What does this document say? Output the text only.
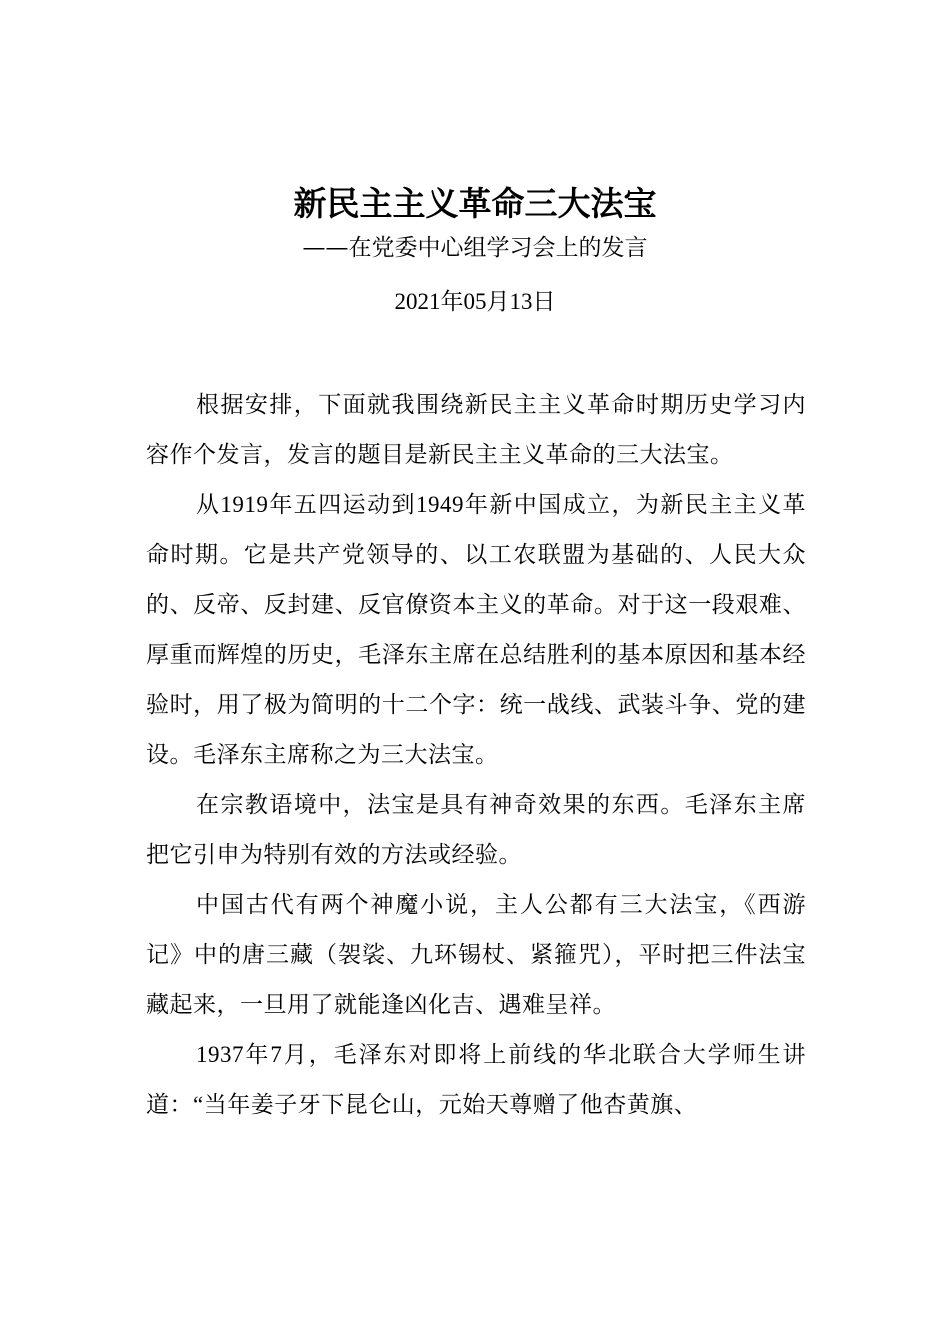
新民主主义革命三大法宝
——在党委中心组学习会上的发言
2021年05月13日

根据安排，下面就我围绕新民主主义革命时期历史学习内容作个发言，发言的题目是新民主主义革命的三大法宝。

从1919年五四运动到1949年新中国成立，为新民主主义革命时期。它是共产党领导的、以工农联盟为基础的、人民大众的、反帝、反封建、反官僚资本主义的革命。对于这一段艰难、厚重而辉煌的历史，毛泽东主席在总结胜利的基本原因和基本经验时，用了极为简明的十二个字：统一战线、武装斗争、党的建设。毛泽东主席称之为三大法宝。

在宗教语境中，法宝是具有神奇效果的东西。毛泽东主席把它引申为特别有效的方法或经验。

中国古代有两个神魔小说，主人公都有三大法宝，《西游记》中的唐三藏（袈裟、九环锡杖、紧箍咒），平时把三件法宝藏起来，一旦用了就能逢凶化吉、遇难呈祥。

1937年7月，毛泽东对即将上前线的华北联合大学师生讲道：“当年姜子牙下昆仑山，元始天尊赠了他杏黄旗、
